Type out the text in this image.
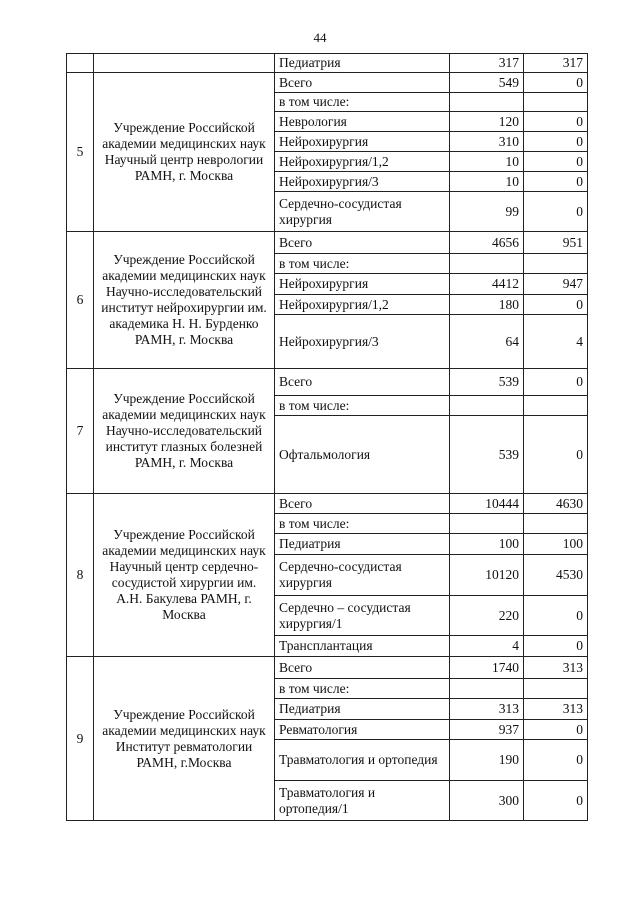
44
		Педиатрия	317	317
5	Учреждение Российской академии медицинских наук Научный центр неврологии РАМН, г. Москва	Всего	549	0
		в том числе:		
		Неврология	120	0
		Нейрохирургия	310	0
		Нейрохирургия/1,2	10	0
		Нейрохирургия/3	10	0
		Сердечно-сосудистая хирургия	99	0
6	Учреждение Российской академии медицинских наук Научно-исследовательский институт нейрохирургии им. академика Н. Н. Бурденко РАМН, г. Москва	Всего	4656	951
		в том числе:		
		Нейрохирургия	4412	947
		Нейрохирургия/1,2	180	0
		Нейрохирургия/3	64	4
7	Учреждение Российской академии медицинских наук Научно-исследовательский институт глазных болезней РАМН, г. Москва	Всего	539	0
		в том числе:		
		Офтальмология	539	0
8	Учреждение Российской академии медицинских наук Научный центр сердечно-сосудистой хирургии им. А.Н. Бакулева РАМН, г. Москва	Всего	10444	4630
		в том числе:		
		Педиатрия	100	100
		Сердечно-сосудистая хирургия	10120	4530
		Сердечно – сосудистая хирургия/1	220	0
		Трансплантация	4	0
9	Учреждение Российской академии медицинских наук Институт ревматологии РАМН, г.Москва	Всего	1740	313
		в том числе:		
		Педиатрия	313	313
		Ревматология	937	0
		Травматология и ортопедия	190	0
		Травматология и ортопедия/1	300	0
